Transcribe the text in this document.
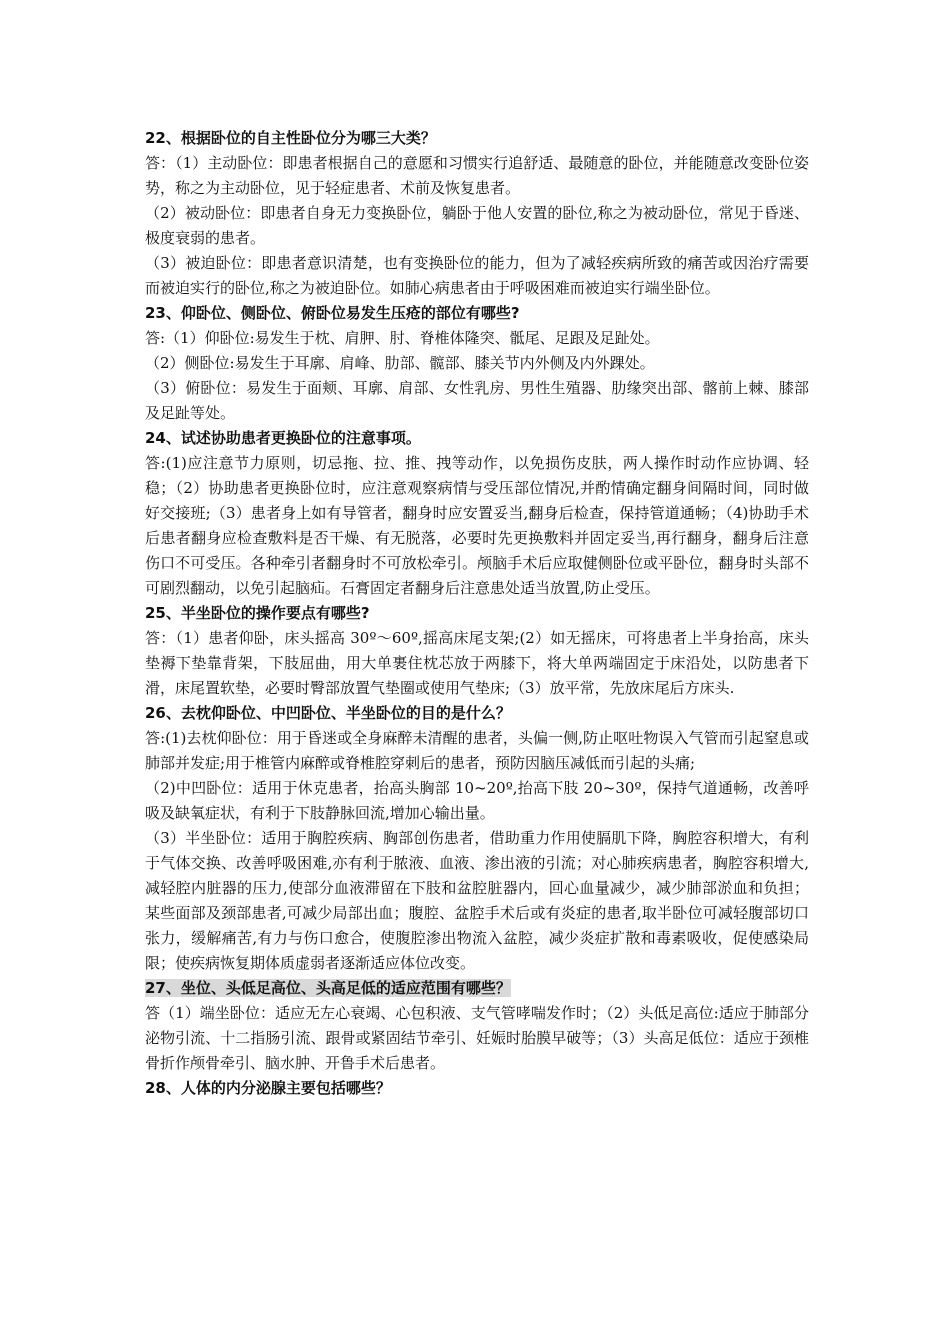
22、根据卧位的自主性卧位分为哪三大类？

答：（1）主动卧位：即患者根据自己的意愿和习惯实行追舒适、最随意的卧位，并能随意改变卧位姿势，称之为主动卧位，见于轻症患者、术前及恢复患者。

（2）被动卧位：即患者自身无力变换卧位，躺卧于他人安置的卧位,称之为被动卧位，常见于昏迷、极度衰弱的患者。

（3）被迫卧位：即患者意识清楚，也有变换卧位的能力，但为了减轻疾病所致的痛苦或因治疗需要而被迫实行的卧位,称之为被迫卧位。如肺心病患者由于呼吸困难而被迫实行端坐卧位。

23、仰卧位、侧卧位、俯卧位易发生压疮的部位有哪些?

答:（1）仰卧位:易发生于枕、肩胛、肘、脊椎体隆突、骶尾、足跟及足趾处。

（2）侧卧位:易发生于耳廓、肩峰、肋部、髋部、膝关节内外侧及内外踝处。

（3）俯卧位：易发生于面颊、耳廓、肩部、女性乳房、男性生殖器、肋缘突出部、髂前上棘、膝部及足趾等处。

24、试述协助患者更换卧位的注意事项。

答:(1)应注意节力原则，切忌拖、拉、推、拽等动作，以免损伤皮肤，两人操作时动作应协调、轻稳；（2）协助患者更换卧位时，应注意观察病情与受压部位情况,并酌情确定翻身间隔时间，同时做好交接班;（3）患者身上如有导管者，翻身时应安置妥当,翻身后检查，保持管道通畅；（4)协助手术后患者翻身应检查敷料是否干燥、有无脱落，必要时先更换敷料并固定妥当,再行翻身，翻身后注意伤口不可受压。各种牵引者翻身时不可放松牵引。颅脑手术后应取健侧卧位或平卧位，翻身时头部不可剧烈翻动，以免引起脑疝。石膏固定者翻身后注意患处适当放置,防止受压。

25、半坐卧位的操作要点有哪些?

答：（1）患者仰卧，床头摇高 30º～60º,摇高床尾支架;(2）如无摇床，可将患者上半身抬高，床头垫褥下垫靠背架，下肢屈曲，用大单裹住枕芯放于两膝下，将大单两端固定于床沿处，以防患者下滑，床尾置软垫，必要时臀部放置气垫圈或使用气垫床;（3）放平常，先放床尾后方床头.

26、去枕仰卧位、中凹卧位、半坐卧位的目的是什么？

答:(1)去枕仰卧位：用于昏迷或全身麻醉未清醒的患者，头偏一侧,防止呕吐物误入气管而引起窒息或肺部并发症;用于椎管内麻醉或脊椎腔穿刺后的患者，预防因脑压减低而引起的头痛;

（2)中凹卧位：适用于休克患者，抬高头胸部 10~20º,抬高下肢 20~30º，保持气道通畅，改善呼吸及缺氧症状，有利于下肢静脉回流,增加心输出量。

（3）半坐卧位：适用于胸腔疾病、胸部创伤患者，借助重力作用使膈肌下降，胸腔容积增大，有利于气体交换、改善呼吸困难,亦有利于脓液、血液、渗出液的引流；对心肺疾病患者，胸腔容积增大,减轻腔内脏器的压力,使部分血液滞留在下肢和盆腔脏器内，回心血量减少，减少肺部淤血和负担；某些面部及颈部患者,可减少局部出血；腹腔、盆腔手术后或有炎症的患者,取半卧位可减轻腹部切口张力，缓解痛苦,有力与伤口愈合，使腹腔渗出物流入盆腔，减少炎症扩散和毒素吸收，促使感染局限；使疾病恢复期体质虚弱者逐渐适应体位改变。

27、坐位、头低足高位、头高足低的适应范围有哪些？

答（1）端坐卧位：适应无左心衰竭、心包积液、支气管哮喘发作时；（2）头低足高位:适应于肺部分泌物引流、十二指肠引流、跟骨或紧固结节牵引、妊娠时胎膜早破等；（3）头高足低位：适应于颈椎骨折作颅骨牵引、脑水肿、开鲁手术后患者。

28、人体的内分泌腺主要包括哪些？
